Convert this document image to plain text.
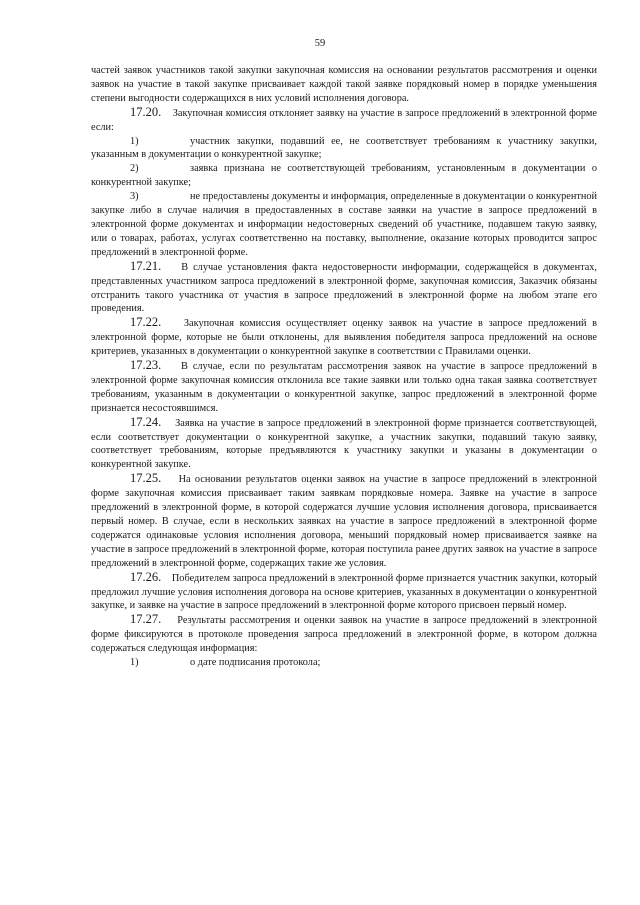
59

частей заявок участников такой закупки закупочная комиссия на основании результатов рассмотрения и оценки заявок на участие в такой закупке присваивает каждой такой заявке порядковый номер в порядке уменьшения степени выгодности содержащихся в них условий исполнения договора.

17.20. Закупочная комиссия отклоняет заявку на участие в запросе предложений в электронной форме если:

1)	участник закупки, подавший ее, не соответствует требованиям к участнику закупки, указанным в документации о конкурентной закупке;

2)	заявка признана не соответствующей требованиям, установленным в документации о конкурентной закупке;

3)	не предоставлены документы и информация, определенные в документации о конкурентной закупке либо в случае наличия в предоставленных в составе заявки на участие в запросе предложений в электронной форме документах и информации недостоверных сведений об участнике, подавшем такую заявку, или о товарах, работах, услугах соответственно на поставку, выполнение, оказание которых проводится запрос предложений в электронной форме.

17.21. В случае установления факта недостоверности информации, содержащейся в документах, представленных участником запроса предложений в электронной форме, закупочная комиссия, Заказчик обязаны отстранить такого участника от участия в запросе предложений в электронной форме на любом этапе его проведения.

17.22. Закупочная комиссия осуществляет оценку заявок на участие в запросе предложений в электронной форме, которые не были отклонены, для выявления победителя запроса предложений на основе критериев, указанных в документации о конкурентной закупке в соответствии с Правилами оценки.

17.23. В случае, если по результатам рассмотрения заявок на участие в запросе предложений в электронной форме закупочная комиссия отклонила все такие заявки или только одна такая заявка соответствует требованиям, указанным в документации о конкурентной закупке, запрос предложений в электронной форме признается несостоявшимся.

17.24. Заявка на участие в запросе предложений в электронной форме признается соответствующей, если соответствует документации о конкурентной закупке, а участник закупки, подавший такую заявку, соответствует требованиям, которые предъявляются к участнику закупки и указаны в документации о конкурентной закупке.

17.25. На основании результатов оценки заявок на участие в запросе предложений в электронной форме закупочная комиссия присваивает таким заявкам порядковые номера. Заявке на участие в запросе предложений в электронной форме, в которой содержатся лучшие условия исполнения договора, присваивается первый номер. В случае, если в нескольких заявках на участие в запросе предложений в электронной форме содержатся одинаковые условия исполнения договора, меньший порядковый номер присваивается заявке на участие в запросе предложений в электронной форме, которая поступила ранее других заявок на участие в запросе предложений в электронной форме, содержащих такие же условия.

17.26. Победителем запроса предложений в электронной форме признается участник закупки, который предложил лучшие условия исполнения договора на основе критериев, указанных в документации о конкурентной закупке, и заявке на участие в запросе предложений в электронной форме которого присвоен первый номер.

17.27. Результаты рассмотрения и оценки заявок на участие в запросе предложений в электронной форме фиксируются в протоколе проведения запроса предложений в электронной форме, в котором должна содержаться следующая информация:

1)	о дате подписания протокола;
